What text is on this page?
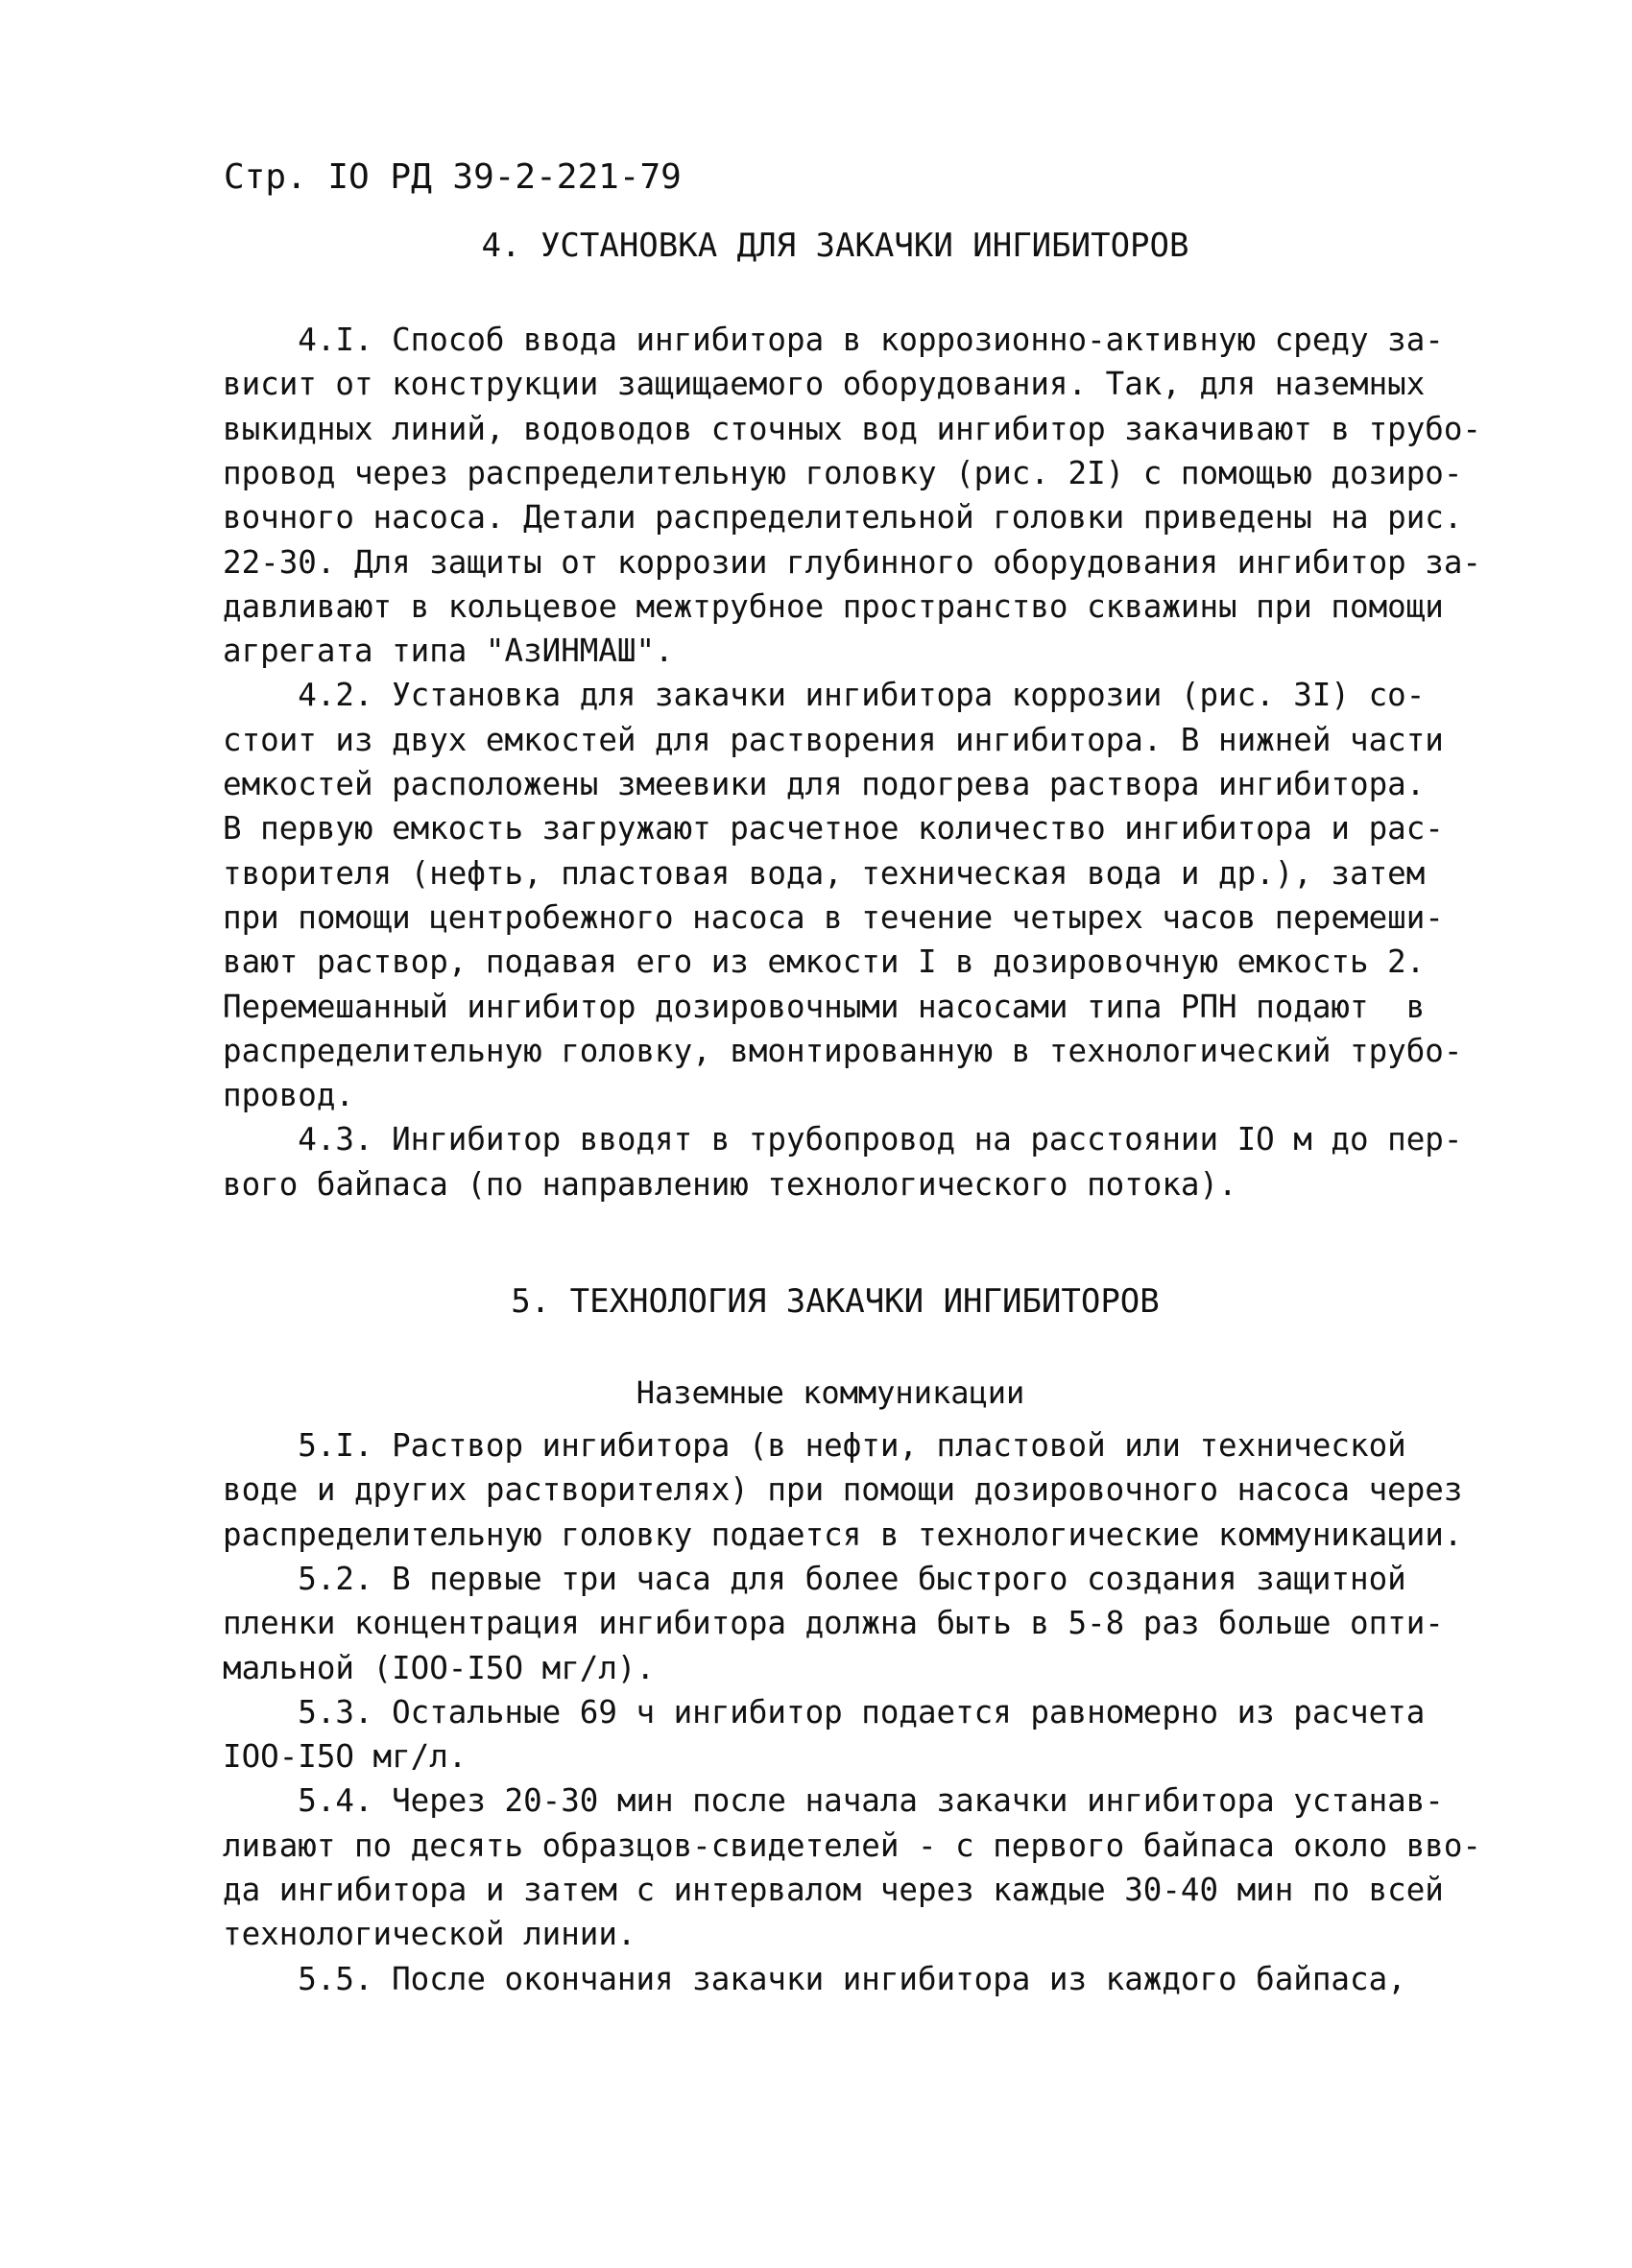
Стр. IO РД 39-2-221-79
4. УСТАНОВКА ДЛЯ ЗАКАЧКИ ИНГИБИТОРОВ
4.I. Способ ввода ингибитора в коррозионно-активную среду за-
висит от конструкции защищаемого оборудования. Так, для наземных
выкидных линий, водоводов сточных вод ингибитор закачивают в трубо-
провод через распределительную головку (рис. 2I) с помощью дозиро-
вочного насоса. Детали распределительной головки приведены на рис.
22-30. Для защиты от коррозии глубинного оборудования ингибитор за-
давливают в кольцевое межтрубное пространство скважины при помощи
агрегата типа "АзИНМАШ".
4.2. Установка для закачки ингибитора коррозии (рис. 3I) со-
стоит из двух емкостей для растворения ингибитора. В нижней части
емкостей расположены змеевики для подогрева раствора ингибитора.
В первую емкость загружают расчетное количество ингибитора и рас-
творителя (нефть, пластовая вода, техническая вода и др.), затем
при помощи центробежного насоса в течение четырех часов перемеши-
вают раствор, подавая его из емкости I в дозировочную емкость 2.
Перемешанный ингибитор дозировочными насосами типа РПН подают  в
распределительную головку, вмонтированную в технологический трубо-
провод.
4.3. Ингибитор вводят в трубопровод на расстоянии IO м до пер-
вого байпаса (по направлению технологического потока).
5. ТЕХНОЛОГИЯ ЗАКАЧКИ ИНГИБИТОРОВ
Наземные коммуникации
5.I. Раствор ингибитора (в нефти, пластовой или технической
воде и других растворителях) при помощи дозировочного насоса через
распределительную головку подается в технологические коммуникации.
5.2. В первые три часа для более быстрого создания защитной
пленки концентрация ингибитора должна быть в 5-8 раз больше опти-
мальной (IOO-I5O мг/л).
5.3. Остальные 69 ч ингибитор подается равномерно из расчета
IOO-I5O мг/л.
5.4. Через 20-30 мин после начала закачки ингибитора устанав-
ливают по десять образцов-свидетелей - с первого байпаса около вво-
да ингибитора и затем с интервалом через каждые 30-40 мин по всей
технологической линии.
5.5. После окончания закачки ингибитора из каждого байпаса,
